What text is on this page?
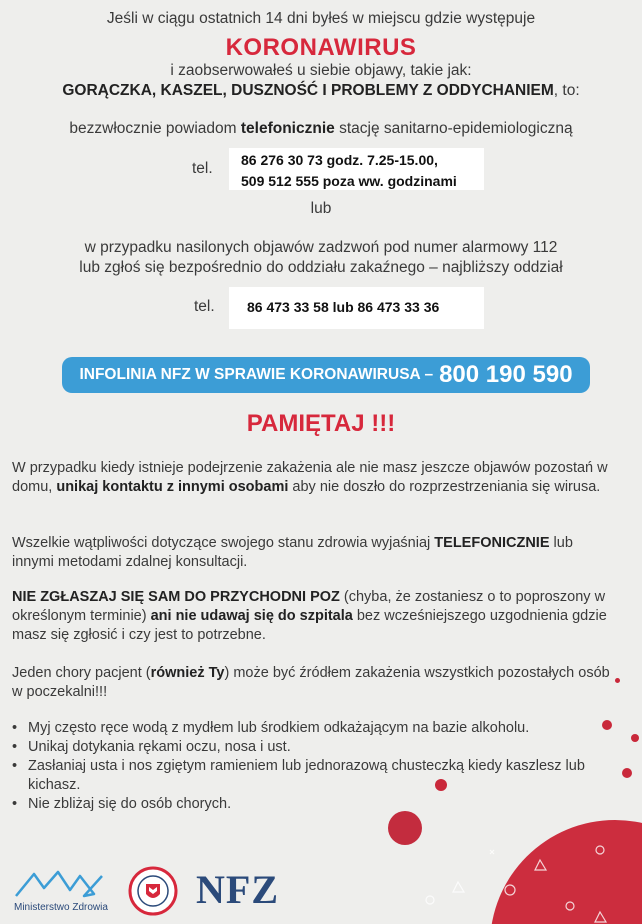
Jeśli w ciągu ostatnich 14 dni byłeś w miejscu gdzie występuje
KORONAWIRUS
i zaobserwowałeś u siebie objawy, takie jak:
GORĄCZKA, KASZEL, DUSZNOŚĆ I PROBLEMY Z ODDYCHANIEM, to:
bezzwłocznie powiadom telefonicznie stację sanitarno-epidemiologiczną
tel. 86 276 30 73 godz. 7.25-15.00,
509 512 555 poza ww. godzinami
lub
w przypadku nasilonych objawów zadzwoń pod numer alarmowy 112
lub zgłoś się bezpośrednio do oddziału zakaźnego – najbliższy oddział
tel. 86 473 33 58 lub 86 473 33 36
INFOLINIA NFZ W SPRAWIE KORONAWIRUSA – 800 190 590
PAMIĘTAJ !!!
W przypadku kiedy istnieje podejrzenie zakażenia ale nie masz jeszcze objawów pozostań w domu, unikaj kontaktu z innymi osobami aby nie doszło do rozprzestrzeniania się wirusa.
Wszelkie wątpliwości dotyczące swojego stanu zdrowia wyjaśniaj TELEFONICZNIE lub innymi metodami zdalnej konsultacji.
NIE ZGŁASZAJ SIĘ SAM DO PRZYCHODNI POZ (chyba, że zostaniesz o to poproszony w określonym terminie) ani nie udawaj się do szpitala bez wcześniejszego uzgodnienia gdzie masz się zgłosić i czy jest to potrzebne.
Jeden chory pacjent (również Ty) może być źródłem zakażenia wszystkich pozostałych osób w poczekalni!!!
• Myj często ręce wodą z mydłem lub środkiem odkażającym na bazie alkoholu.
• Unikaj dotykania rękami oczu, nosa i ust.
• Zasłaniaj usta i nos zgiętym ramieniem lub jednorazową chusteczką kiedy kaszlesz lub kichasz.
• Nie zbliżaj się do osób chorych.
Ministerstwo Zdrowia NFZ
